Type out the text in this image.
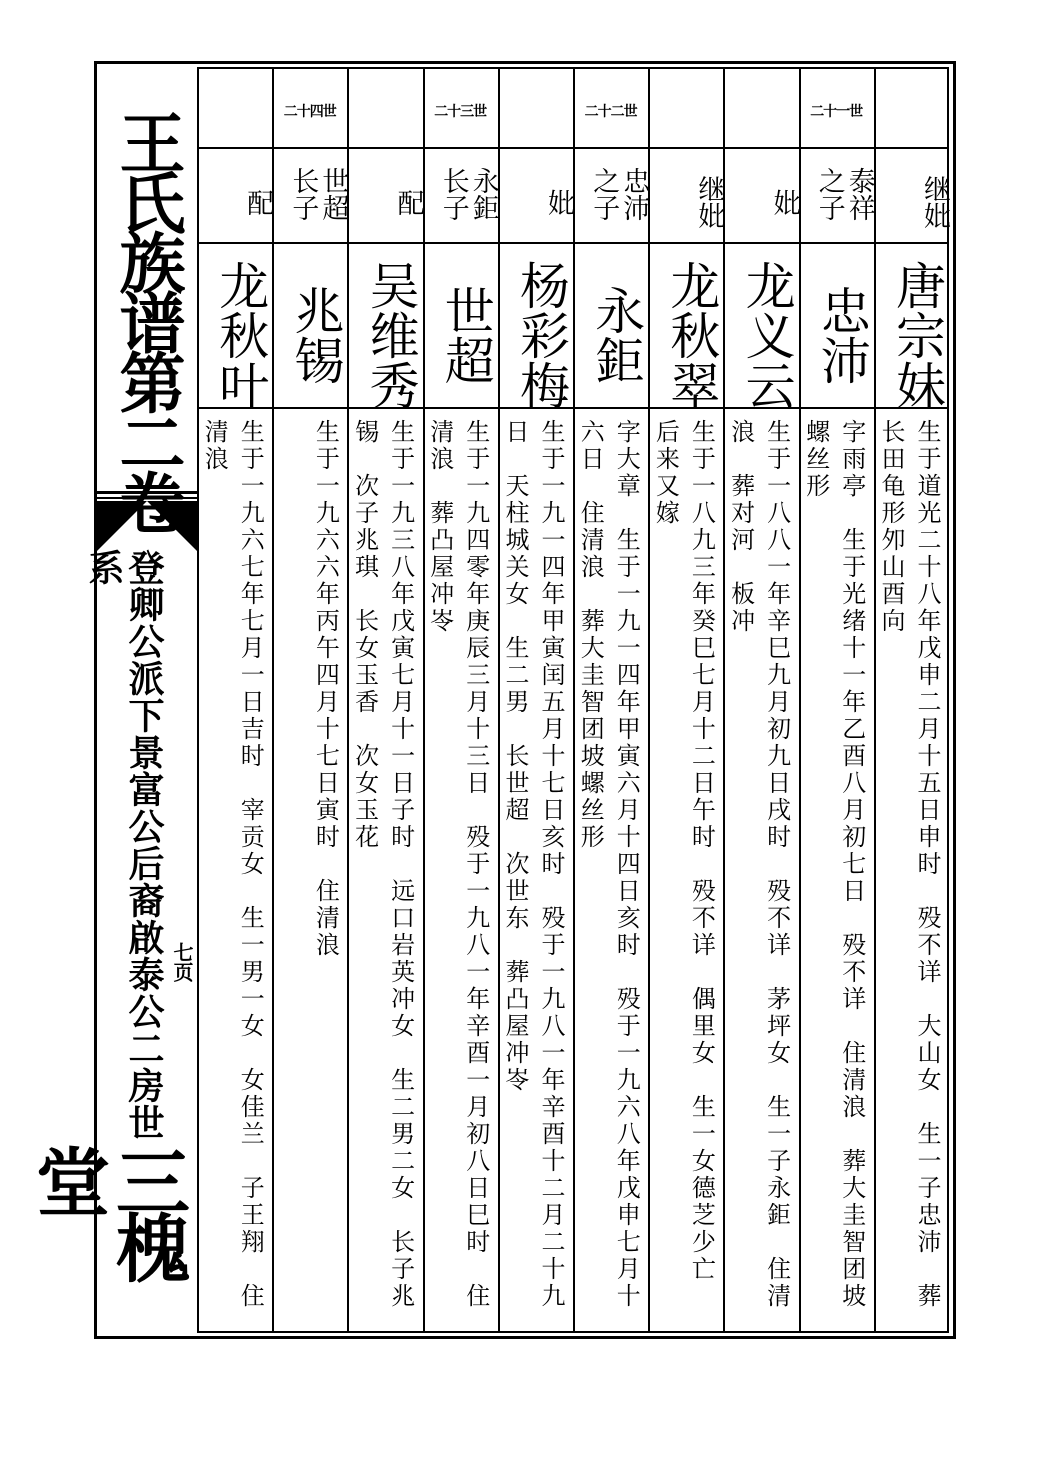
王氏族谱第二卷
登卿公派下景富公后裔啟泰公二房世系
七页
三槐堂
继妣
唐宗妹
生于道光二十八年戊申二月十五日申时　殁不详　大山女　生一子忠沛　葬长田龟形夘山酉向
二十一世
泰祥之子
忠沛
字雨亭　生于光绪十一年乙酉八月初七日　殁不详　住清浪　葬大圭智团坡螺丝形
妣
龙义云
生于一八八一年辛巳九月初九日戌时　殁不详　茅坪女　生一子永鉅　住清浪　葬对河　板冲
继妣
龙秋翠
生于一八九三年癸巳七月十二日午时　殁不详　偶里女　生一女德芝少亡　后来又嫁
二十二世
忠沛之子
永鉅
字大章　生于一九一四年甲寅六月十四日亥时　殁于一九六八年戊申七月十六日　住清浪　葬大圭智团坡螺丝形
妣
杨彩梅
生于一九一四年甲寅闰五月十七日亥时　殁于一九八一年辛酉十二月二十九日　天柱城关女　生二男　长世超　次世东　葬凸屋冲岺
二十三世
永鉅长子
世超
生于一九四零年庚辰三月十三日　殁于一九八一年辛酉一月初八日巳时　住清浪　葬凸屋冲岺
配
吴维秀
生于一九三八年戊寅七月十一日子时　远口岩英冲女　生二男二女　长子兆锡　次子兆琪　长女玉香　次女玉花
二十四世
世超长子
兆锡
生于一九六六年丙午四月十七日寅时　住清浪
配
龙秋叶
生于一九六七年七月一日吉时　宰贡女　生一男一女　女佳兰　子王翔　住清浪
